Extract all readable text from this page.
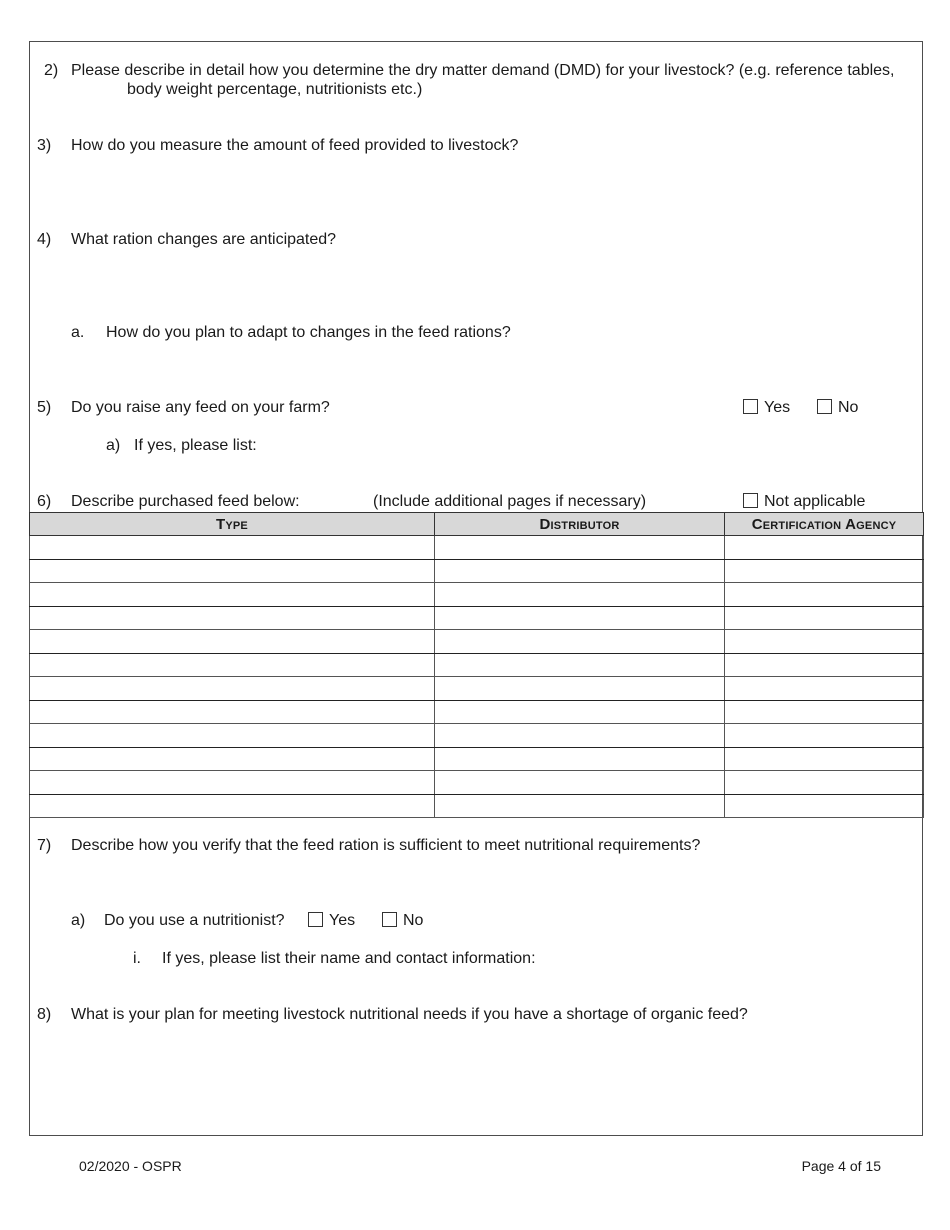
2) Please describe in detail how you determine the dry matter demand (DMD) for your livestock? (e.g. reference tables,
body weight percentage, nutritionists etc.)
3) How do you measure the amount of feed provided to livestock?
4) What ration changes are anticipated?
a. How do you plan to adapt to changes in the feed rations?
5) Do you raise any feed on your farm?	Yes	No
a) If yes, please list:
6) Describe purchased feed below:	(Include additional pages if necessary)	Not applicable
Type	Distributor	Certification Agency

7) Describe how you verify that the feed ration is sufficient to meet nutritional requirements?
a) Do you use a nutritionist?	Yes	No
i. If yes, please list their name and contact information:
8) What is your plan for meeting livestock nutritional needs if you have a shortage of organic feed?
02/2020 - OSPR	Page 4 of 15
